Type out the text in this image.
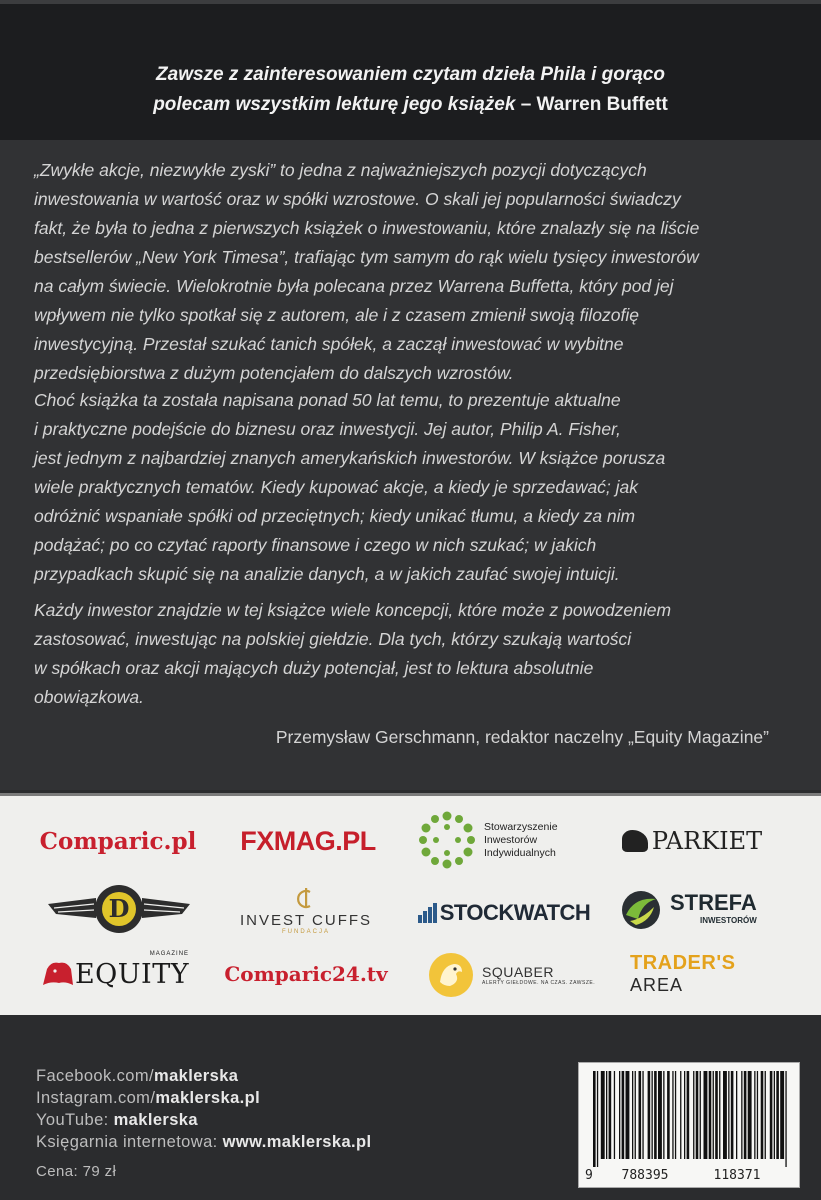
Zawsze z zainteresowaniem czytam dzieła Phila i gorąco
polecam wszystkim lekturę jego książek – Warren Buffett
„Zwykłe akcje, niezwykłe zyski” to jedna z najważniejszych pozycji dotyczących
inwestowania w wartość oraz w spółki wzrostowe. O skali jej popularności świadczy
fakt, że była to jedna z pierwszych książek o inwestowaniu, które znalazły się na liście
bestsellerów „New York Timesa”, trafiając tym samym do rąk wielu tysięcy inwestorów
na całym świecie. Wielokrotnie była polecana przez Warrena Buffetta, który pod jej
wpływem nie tylko spotkał się z autorem, ale i z czasem zmienił swoją filozofię
inwestycyjną. Przestał szukać tanich spółek, a zaczął inwestować w wybitne
przedsiębiorstwa z dużym potencjałem do dalszych wzrostów.
Choć książka ta została napisana ponad 50 lat temu, to prezentuje aktualne
i praktyczne podejście do biznesu oraz inwestycji. Jej autor, Philip A. Fisher,
jest jednym z najbardziej znanych amerykańskich inwestorów. W książce porusza
wiele praktycznych tematów. Kiedy kupować akcje, a kiedy je sprzedawać; jak
odróżnić wspaniałe spółki od przeciętnych; kiedy unikać tłumu, a kiedy za nim
podążać; po co czytać raporty finansowe i czego w nich szukać; w jakich
przypadkach skupić się na analizie danych, a w jakich zaufać swojej intuicji.
Każdy inwestor znajdzie w tej książce wiele koncepcji, które może z powodzeniem
zastosować, inwestując na polskiej giełdzie. Dla tych, którzy szukają wartości
w spółkach oraz akcji mających duży potencjał, jest to lektura absolutnie
obowiązkowa.
Przemysław Gerschmann, redaktor naczelny „Equity Magazine”
Comparic.pl	FXMAG.PL	Stowarzyszenie
Inwestorów
Indywidualnych	PARKIET
D	INVEST CUFFS
FUNDACJA
STOCKWATCH	STREFA
INWESTORÓW
EQUITY
MAGAZINE
Comparic24.tv	SQUABER
ALERTY GIEŁDOWE. NA CZAS. ZAWSZE.
TRADER'S
AREA

Facebook.com/maklerska

Instagram.com/maklerska.pl

YouTube: maklerska

Księgarnia internetowa: www.maklerska.pl

Cena: 79 zł	9	788395	118371
